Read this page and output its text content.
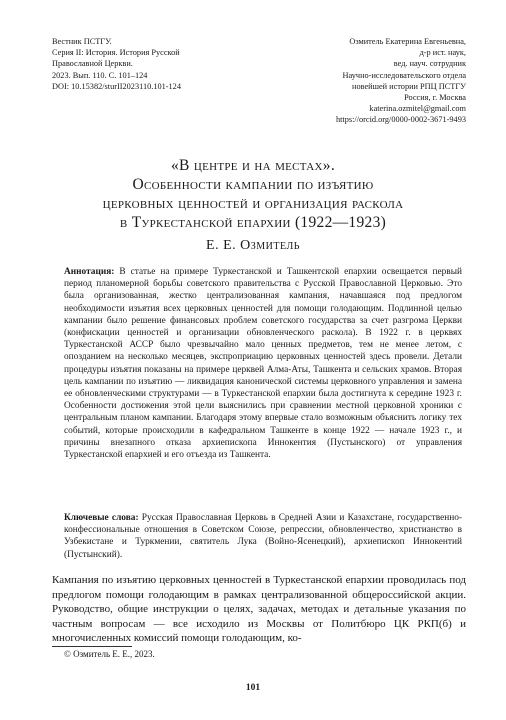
Вестник ПСТГУ.
Серия II: История. История Русской
Православной Церкви.
2023. Вып. 110. С. 101–124
DOI: 10.15382/sturII2023110.101-124
Озмитель Екатерина Евгеньевна,
д-р ист. наук,
вед. науч. сотрудник
Научно-исследовательского отдела
новейшей истории РПЦ ПСТГУ
Россия, г. Москва
katerina.ozmitel@gmail.com
https://orcid.org/0000-0002-3671-9493
«В центре и на местах».
Особенности кампании по изъятию
церковных ценностей и организация раскола
в Туркестанской епархии (1922—1923)
Е. Е. Озмитель
Аннотация: В статье на примере Туркестанской и Ташкентской епархии освещается первый период планомерной борьбы советского правительства с Русской Православной Церковью. Это была организованная, жестко централизованная кампания, начавшаяся под предлогом необходимости изъятия всех церковных ценностей для помощи голодающим. Подлинной целью кампании было решение финансовых проблем советского государства за счет разгрома Церкви (конфискации ценностей и организации обновленческого раскола). В 1922 г. в церквях Туркестанской АССР было чрезвычайно мало ценных предметов, тем не менее летом, с опозданием на несколько месяцев, экспроприацию церковных ценностей здесь провели. Детали процедуры изъятия показаны на примере церквей Алма-Аты, Ташкента и сельских храмов. Вторая цель кампании по изъятию — ликвидация канонической системы церковного управления и замена ее обновленческими структурами — в Туркестанской епархии была достигнута к середине 1923 г. Особенности достижения этой цели выяснились при сравнении местной церковной хроники с центральным планом кампании. Благодаря этому впервые стало возможным объяснить логику тех событий, которые происходили в кафедральном Ташкенте в конце 1922 — начале 1923 г., и причины внезапного отказа архиепископа Иннокентия (Пустынского) от управления Туркестанской епархией и его отъезда из Ташкента.
Ключевые слова: Русская Православная Церковь в Средней Азии и Казахстане, государственно-конфессиональные отношения в Советском Союзе, репрессии, обновленчество, христианство в Узбекистане и Туркмении, святитель Лука (Войно-Ясенецкий), архиепископ Иннокентий (Пустынский).
Кампания по изъятию церковных ценностей в Туркестанской епархии проводилась под предлогом помощи голодающим в рамках централизованной общероссийской акции. Руководство, общие инструкции о целях, задачах, методах и детальные указания по частным вопросам — все исходило из Москвы от Политбюро ЦК РКП(б) и многочисленных комиссий помощи голодающим, ко-
© Озмитель Е. Е., 2023.
101
